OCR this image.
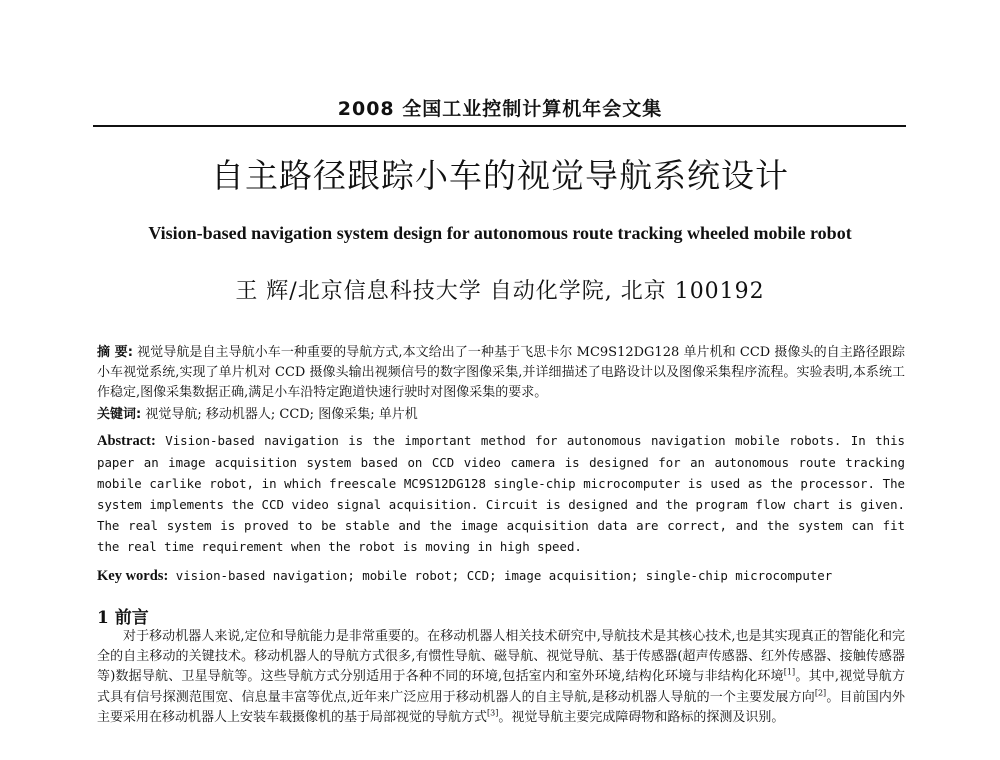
2008 全国工业控制计算机年会文集
自主路径跟踪小车的视觉导航系统设计
Vision-based navigation system design for autonomous route tracking wheeled mobile robot
王 辉/北京信息科技大学 自动化学院, 北京 100192
摘 要: 视觉导航是自主导航小车一种重要的导航方式,本文给出了一种基于飞思卡尔 MC9S12DG128 单片机和 CCD 摄像头的自主路径跟踪小车视觉系统,实现了单片机对 CCD 摄像头输出视频信号的数字图像采集,并详细描述了电路设计以及图像采集程序流程。实验表明,本系统工作稳定,图像采集数据正确,满足小车沿特定跑道快速行驶时对图像采集的要求。
关键词: 视觉导航; 移动机器人; CCD; 图像采集; 单片机
Abstract: Vision-based navigation is the important method for autonomous navigation mobile robots. In this paper an image acquisition system based on CCD video camera is designed for an autonomous route tracking mobile carlike robot, in which freescale MC9S12DG128 single-chip microcomputer is used as the processor. The system implements the CCD video signal acquisition. Circuit is designed and the program flow chart is given. The real system is proved to be stable and the image acquisition data are correct, and the system can fit the real time requirement when the robot is moving in high speed.
Key words: vision-based navigation; mobile robot; CCD; image acquisition; single-chip microcomputer
1 前言
对于移动机器人来说,定位和导航能力是非常重要的。在移动机器人相关技术研究中,导航技术是其核心技术,也是其实现真正的智能化和完全的自主移动的关键技术。移动机器人的导航方式很多,有惯性导航、磁导航、视觉导航、基于传感器(超声传感器、红外传感器、接触传感器等)数据导航、卫星导航等。这些导航方式分别适用于各种不同的环境,包括室内和室外环境,结构化环境与非结构化环境[1]。其中,视觉导航方式具有信号探测范围宽、信息量丰富等优点,近年来广泛应用于移动机器人的自主导航,是移动机器人导航的一个主要发展方向[2]。目前国内外主要采用在移动机器人上安装车载摄像机的基于局部视觉的导航方式[3]。视觉导航主要完成障碍物和路标的探测及识别。
